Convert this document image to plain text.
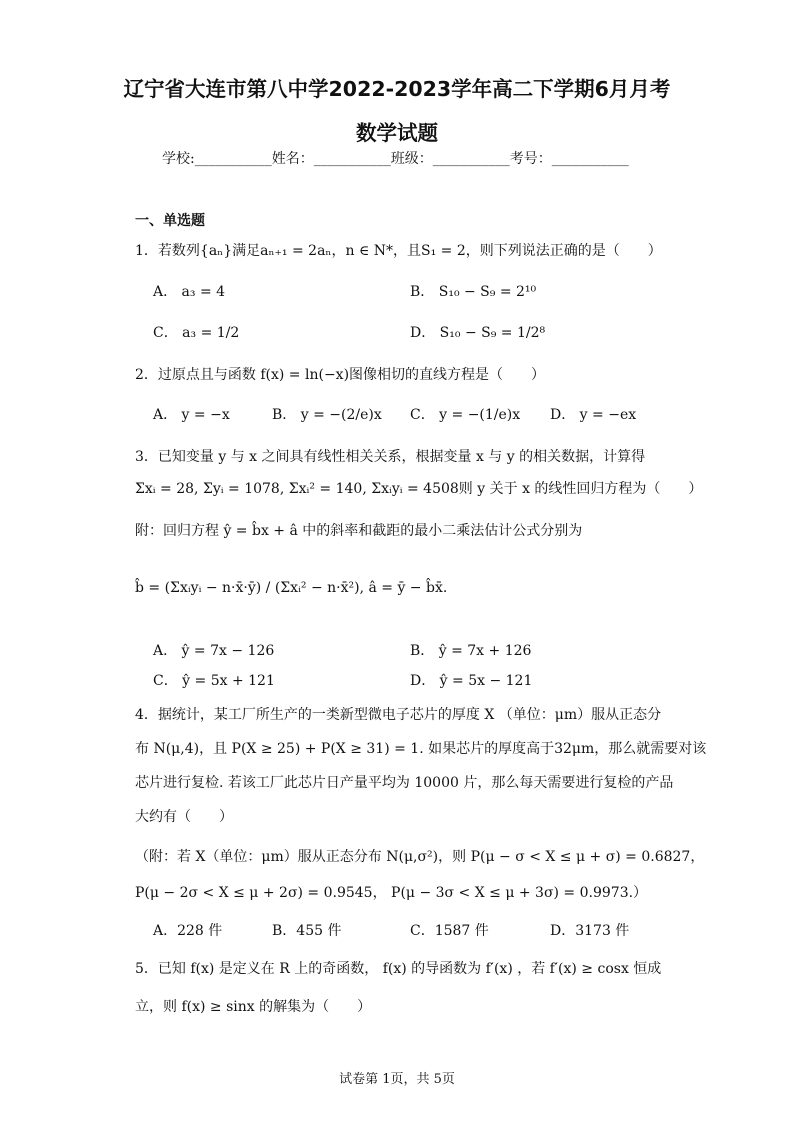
辽宁省大连市第八中学2022-2023学年高二下学期6月月考
数学试题
学校:___________姓名：___________班级：___________考号：___________
一、单选题
1．若数列{aₙ}满足aₙ₊₁ = 2aₙ，n ∈ N*，且S₁ = 2，则下列说法正确的是（　　）
A． a₃ = 4	B． S₁₀ − S₉ = 2¹⁰
C． a₃ = 1/2	D． S₁₀ − S₉ = 1/2⁸
2．过原点且与函数 f(x) = ln(−x)图像相切的直线方程是（　　）
A． y = −x	B． y = −(2/e)x C． y = −(1/e)x D． y = −ex
3．已知变量 y 与 x 之间具有线性相关关系，根据变量 x 与 y 的相关数据，计算得
Σxᵢ = 28, Σyᵢ = 1078, Σxᵢ² = 140, Σxᵢyᵢ = 4508则 y 关于 x 的线性回归方程为（　　）
附：回归方程 ŷ = b̂x + â 中的斜率和截距的最小二乘法估计公式分别为
b̂ = (Σxᵢyᵢ − n·x̄·ȳ) / (Σxᵢ² − n·x̄²), â = ȳ − b̂x̄.
A． ŷ = 7x − 126	B． ŷ = 7x + 126
C． ŷ = 5x + 121	D． ŷ = 5x − 121
4．据统计，某工厂所生产的一类新型微电子芯片的厚度 X （单位：μm）服从正态分
布 N(μ,4)，且 P(X ≥ 25) + P(X ≥ 31) = 1. 如果芯片的厚度高于32μm，那么就需要对该
芯片进行复检. 若该工厂此芯片日产量平均为 10000 片，那么每天需要进行复检的产品
大约有（　　）
（附：若 X（单位：μm）服从正态分布 N(μ,σ²)，则 P(μ − σ < X ≤ μ + σ) = 0.6827，
P(μ − 2σ < X ≤ μ + 2σ) = 0.9545， P(μ − 3σ < X ≤ μ + 3σ) = 0.9973.）
A．228 件	B．455 件	C．1587 件	D．3173 件
5．已知 f(x) 是定义在 R 上的奇函数， f(x) 的导函数为 f′(x) ，若 f′(x) ≥ cosx 恒成
立，则 f(x) ≥ sinx 的解集为（　　）
试卷第 1页，共 5页
